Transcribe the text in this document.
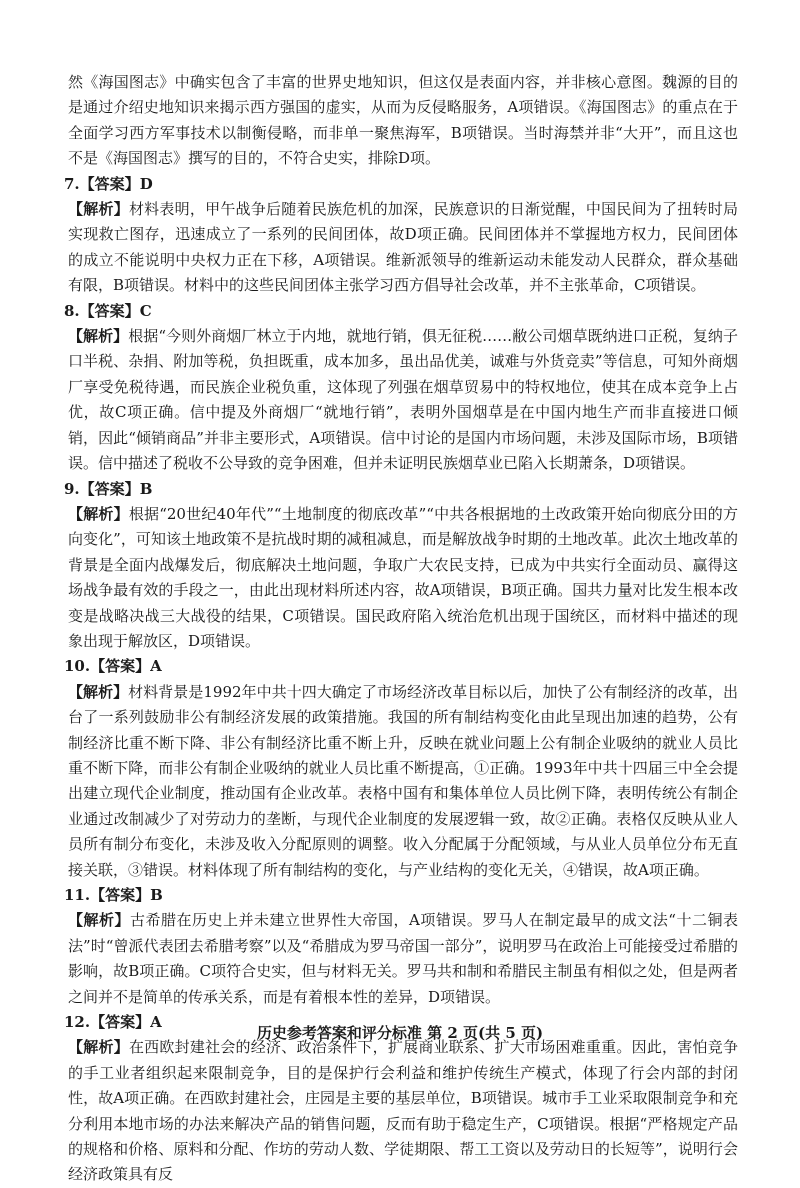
然《海国图志》中确实包含了丰富的世界史地知识，但这仅是表面内容，并非核心意图。魏源的目的是通过介绍史地知识来揭示西方强国的虚实，从而为反侵略服务，A项错误。《海国图志》的重点在于全面学习西方军事技术以制衡侵略，而非单一聚焦海军，B项错误。当时海禁并非“大开”，而且这也不是《海国图志》撰写的目的，不符合史实，排除D项。

7.【答案】D

【解析】材料表明，甲午战争后随着民族危机的加深，民族意识的日渐觉醒，中国民间为了扭转时局实现救亡图存，迅速成立了一系列的民间团体，故D项正确。民间团体并不掌握地方权力，民间团体的成立不能说明中央权力正在下移，A项错误。维新派领导的维新运动未能发动人民群众，群众基础有限，B项错误。材料中的这些民间团体主张学习西方倡导社会改革，并不主张革命，C项错误。

8.【答案】C

【解析】根据“今则外商烟厂林立于内地，就地行销，俱无征税……敝公司烟草既纳进口正税，复纳子口半税、杂捐、附加等税，负担既重，成本加多，虽出品优美，诚难与外货竞卖”等信息，可知外商烟厂享受免税待遇，而民族企业税负重，这体现了列强在烟草贸易中的特权地位，使其在成本竞争上占优，故C项正确。信中提及外商烟厂“就地行销”，表明外国烟草是在中国内地生产而非直接进口倾销，因此“倾销商品”并非主要形式，A项错误。信中讨论的是国内市场问题，未涉及国际市场，B项错误。信中描述了税收不公导致的竞争困难，但并未证明民族烟草业已陷入长期萧条，D项错误。

9.【答案】B

【解析】根据“20世纪40年代”“土地制度的彻底改革”“中共各根据地的土改政策开始向彻底分田的方向变化”，可知该土地政策不是抗战时期的减租减息，而是解放战争时期的土地改革。此次土地改革的背景是全面内战爆发后，彻底解决土地问题，争取广大农民支持，已成为中共实行全面动员、赢得这场战争最有效的手段之一，由此出现材料所述内容，故A项错误，B项正确。国共力量对比发生根本改变是战略决战三大战役的结果，C项错误。国民政府陷入统治危机出现于国统区，而材料中描述的现象出现于解放区，D项错误。

10.【答案】A

【解析】材料背景是1992年中共十四大确定了市场经济改革目标以后，加快了公有制经济的改革，出台了一系列鼓励非公有制经济发展的政策措施。我国的所有制结构变化由此呈现出加速的趋势，公有制经济比重不断下降、非公有制经济比重不断上升，反映在就业问题上公有制企业吸纳的就业人员比重不断下降，而非公有制企业吸纳的就业人员比重不断提高，①正确。1993年中共十四届三中全会提出建立现代企业制度，推动国有企业改革。表格中国有和集体单位人员比例下降，表明传统公有制企业通过改制减少了对劳动力的垄断，与现代企业制度的发展逻辑一致，故②正确。表格仅反映从业人员所有制分布变化，未涉及收入分配原则的调整。收入分配属于分配领域，与从业人员单位分布无直接关联，③错误。材料体现了所有制结构的变化，与产业结构的变化无关，④错误，故A项正确。

11.【答案】B

【解析】古希腊在历史上并未建立世界性大帝国，A项错误。罗马人在制定最早的成文法“十二铜表法”时“曾派代表团去希腊考察”以及“希腊成为罗马帝国一部分”，说明罗马在政治上可能接受过希腊的影响，故B项正确。C项符合史实，但与材料无关。罗马共和制和希腊民主制虽有相似之处，但是两者之间并不是简单的传承关系，而是有着根本性的差异，D项错误。

12.【答案】A

【解析】在西欧封建社会的经济、政治条件下，扩展商业联系、扩大市场困难重重。因此，害怕竞争的手工业者组织起来限制竞争，目的是保护行会利益和维护传统生产模式，体现了行会内部的封闭性，故A项正确。在西欧封建社会，庄园是主要的基层单位，B项错误。城市手工业采取限制竞争和充分利用本地市场的办法来解决产品的销售问题，反而有助于稳定生产，C项错误。根据“严格规定产品的规格和价格、原料和分配、作坊的劳动人数、学徒期限、帮工工资以及劳动日的长短等”，说明行会经济政策具有反

历史参考答案和评分标准 第 2 页(共 5 页)
